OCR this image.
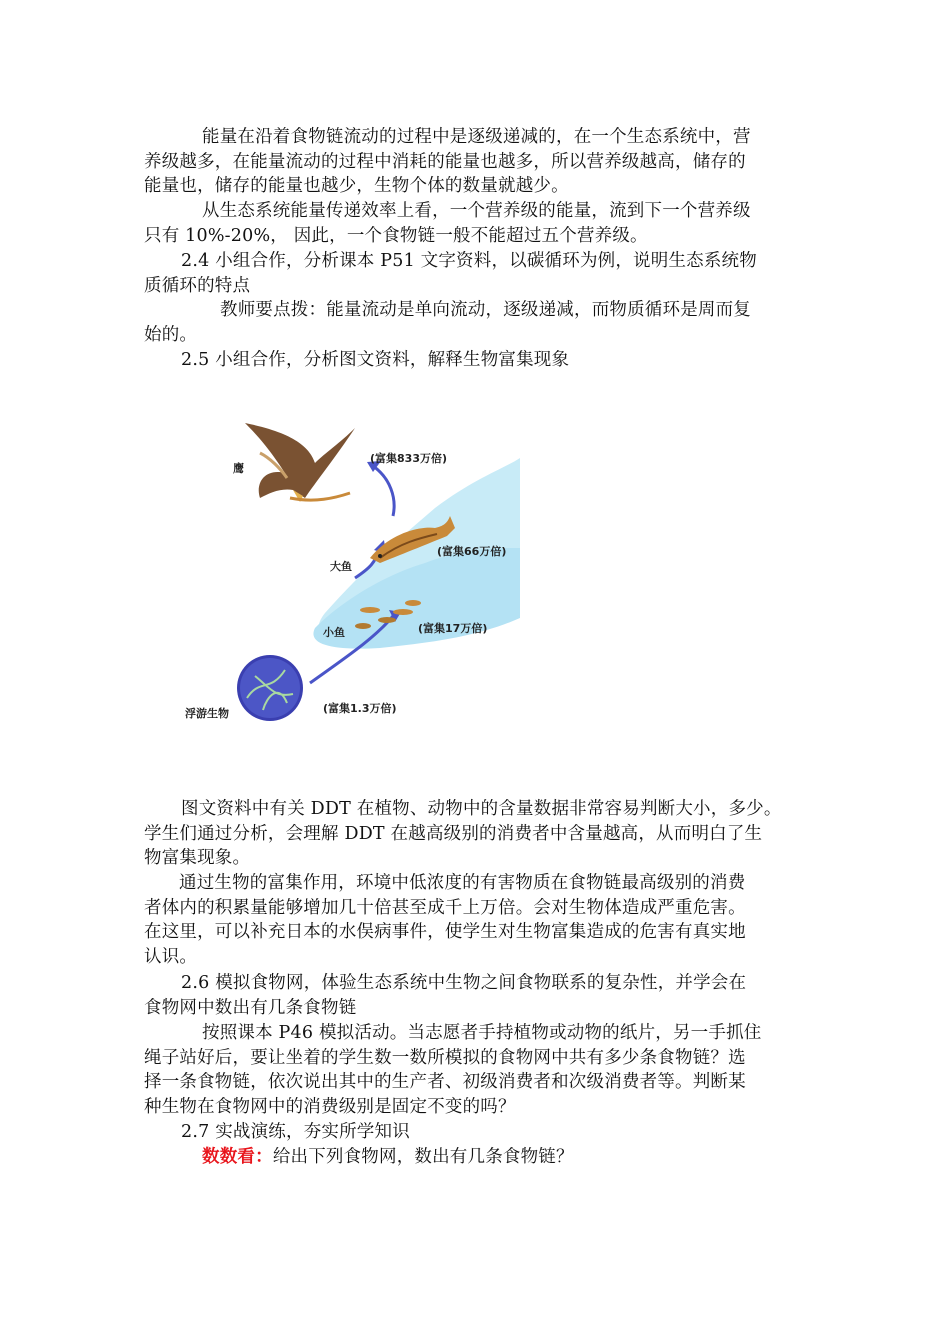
能量在沿着食物链流动的过程中是逐级递减的，在一个生态系统中，营
养级越多，在能量流动的过程中消耗的能量也越多，所以营养级越高，储存的
能量也，储存的能量也越少，生物个体的数量就越少。
从生态系统能量传递效率上看，一个营养级的能量，流到下一个营养级
只有 10%-20%， 因此，一个食物链一般不能超过五个营养级。
2.4 小组合作，分析课本 P51 文字资料，以碳循环为例，说明生态系统物
质循环的特点
教师要点拨：能量流动是单向流动，逐级递减，而物质循环是周而复
始的。
2.5 小组合作，分析图文资料，解释生物富集现象
鹰
(富集833万倍)
大鱼
(富集66万倍)
小鱼	(富集17万倍)
浮游生物	(富集1.3万倍)
图文资料中有关 DDT 在植物、动物中的含量数据非常容易判断大小，多少。
学生们通过分析，会理解 DDT 在越高级别的消费者中含量越高，从而明白了生
物富集现象。
通过生物的富集作用，环境中低浓度的有害物质在食物链最高级别的消费
者体内的积累量能够增加几十倍甚至成千上万倍。会对生物体造成严重危害。
在这里，可以补充日本的水俣病事件，使学生对生物富集造成的危害有真实地
认识。
2.6 模拟食物网，体验生态系统中生物之间食物联系的复杂性，并学会在
食物网中数出有几条食物链
按照课本 P46 模拟活动。当志愿者手持植物或动物的纸片，另一手抓住
绳子站好后，要让坐着的学生数一数所模拟的食物网中共有多少条食物链？选
择一条食物链，依次说出其中的生产者、初级消费者和次级消费者等。判断某
种生物在食物网中的消费级别是固定不变的吗？
2.7 实战演练，夯实所学知识
数数看：给出下列食物网，数出有几条食物链？
